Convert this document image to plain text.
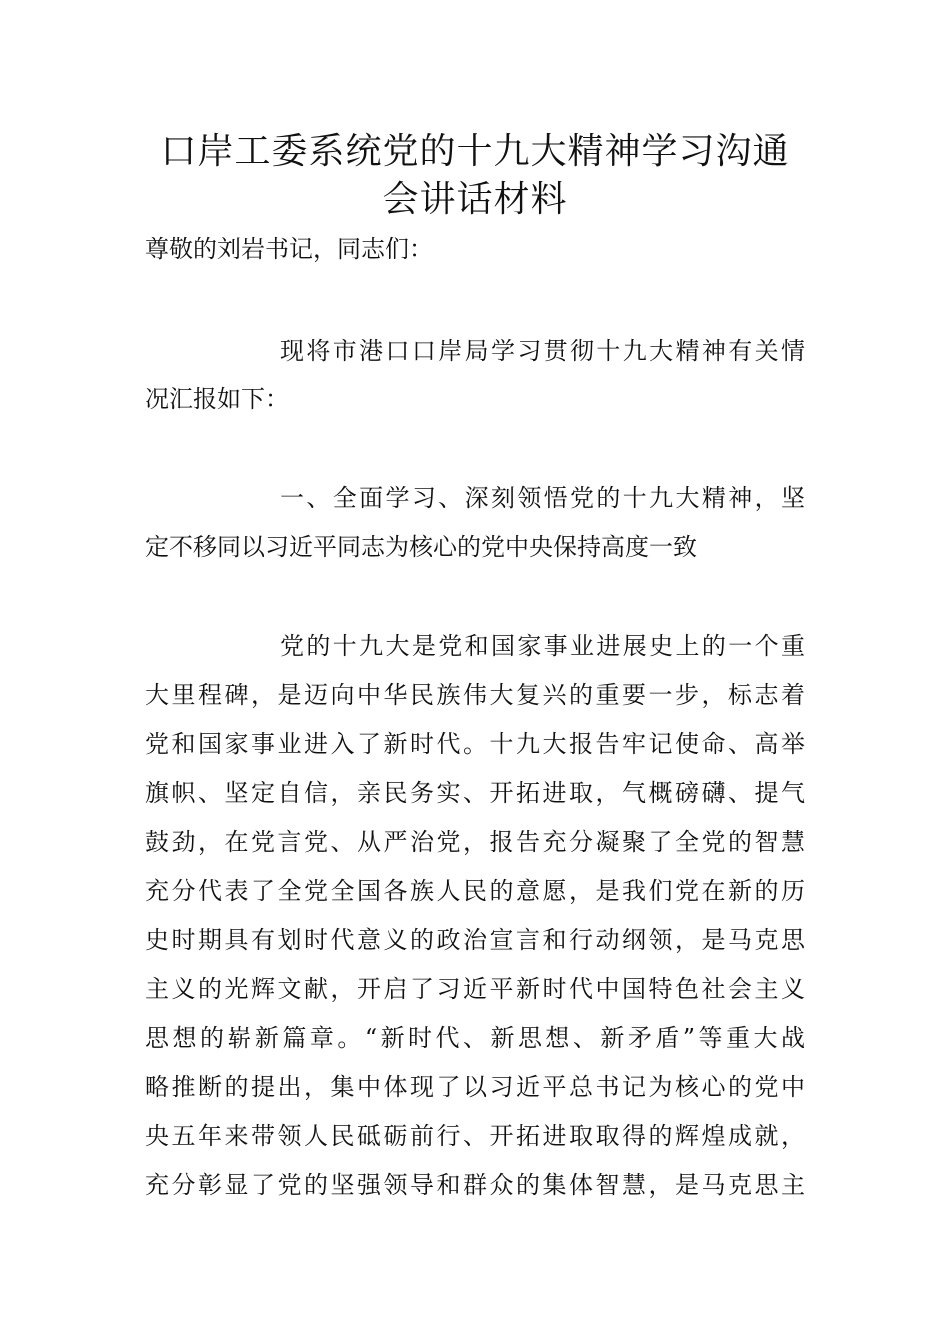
口岸工委系统党的十九大精神学习沟通
会讲话材料
尊敬的刘岩书记，同志们：
现将市港口口岸局学习贯彻十九大精神有关情
况汇报如下：
一、全面学习、深刻领悟党的十九大精神，坚
定不移同以习近平同志为核心的党中央保持高度一致
党的十九大是党和国家事业进展史上的一个重
大里程碑，是迈向中华民族伟大复兴的重要一步，标志着
党和国家事业进入了新时代。十九大报告牢记使命、高举
旗帜、坚定自信，亲民务实、开拓进取，气概磅礴、提气
鼓劲，在党言党、从严治党，报告充分凝聚了全党的智慧
充分代表了全党全国各族人民的意愿，是我们党在新的历
史时期具有划时代意义的政治宣言和行动纲领，是马克思
主义的光辉文献，开启了习近平新时代中国特色社会主义
思想的崭新篇章。“新时代、新思想、新矛盾”等重大战
略推断的提出，集中体现了以习近平总书记为核心的党中
央五年来带领人民砥砺前行、开拓进取取得的辉煌成就，
充分彰显了党的坚强领导和群众的集体智慧，是马克思主
